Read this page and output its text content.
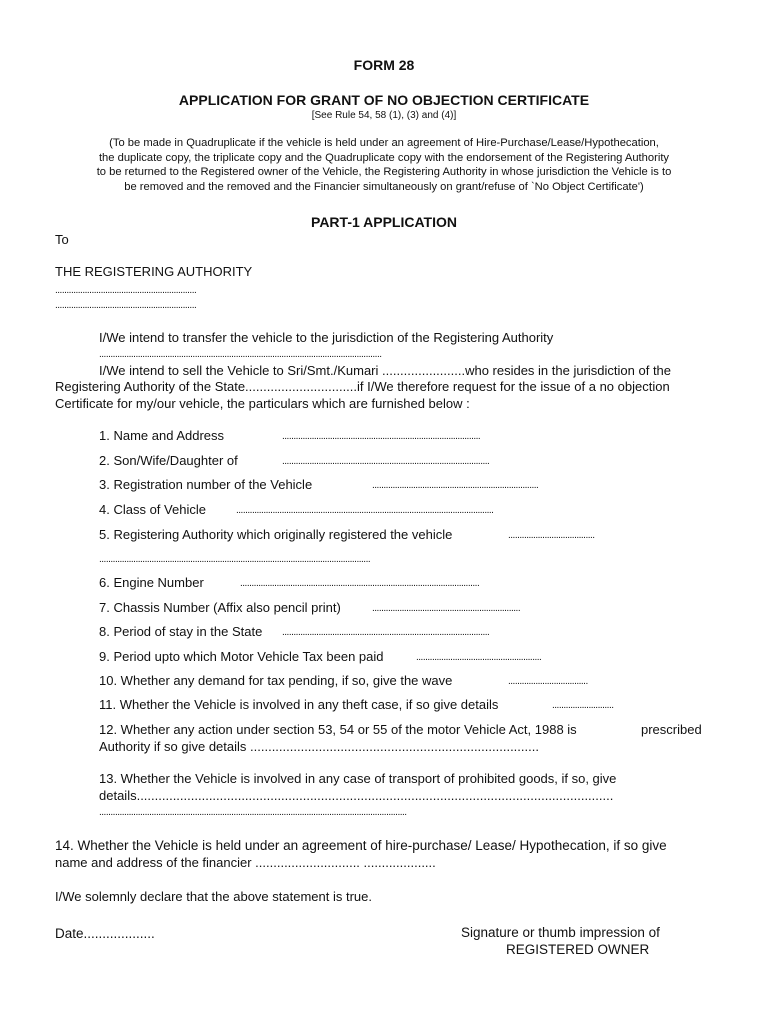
FORM 28
APPLICATION FOR GRANT OF NO OBJECTION CERTIFICATE
[See Rule 54, 58 (1), (3) and (4)]
(To be made in Quadruplicate if the vehicle is held under an agreement of Hire-Purchase/Lease/Hypothecation,
the duplicate copy, the triplicate copy and the Quadruplicate copy with the endorsement of the Registering Authority
to be returned to the Registered owner of the Vehicle, the Registering Authority in whose jurisdiction the Vehicle is to
be removed and the removed and the Financier simultaneously on grant/refuse of `No Object Certificate')
PART-1 APPLICATION
To
THE REGISTERING AUTHORITY
..............................................................
..............................................................
I/We intend to transfer the vehicle to the jurisdiction of the Registering Authority
............................................................................................................................
I/We intend to sell the Vehicle to Sri/Smt./Kumari .......................who resides in the jurisdiction of the
Registering Authority of the State...............................if I/We therefore request for the issue of a no objection
Certificate for my/our vehicle, the particulars which are furnished below :
1. Name and Address	.......................................................................................
2. Son/Wife/Daughter of	...........................................................................................
3. Registration number of the Vehicle	.........................................................................
4. Class of Vehicle	.................................................................................................................
5. Registering Authority which originally registered the vehicle	......................................
.......................................................................................................................
6. Engine Number	.........................................................................................................
7. Chassis Number (Affix also pencil print)	.................................................................
8. Period of stay in the State ...........................................................................................
9. Period upto which Motor Vehicle Tax been paid	.......................................................
10. Whether any demand for tax pending, if so, give the wave	...................................
11. Whether the Vehicle is involved in any theft case, if so give details	...........................
12. Whether any action under section 53, 54 or 55 of the motor Vehicle Act, 1988 is	prescribed
Authority if so give details ................................................................................
13. Whether the Vehicle is involved in any case of transport of prohibited goods, if so, give
details....................................................................................................................................
.......................................................................................................................................
14. Whether the Vehicle is held under an agreement of hire-purchase/ Lease/ Hypothecation, if so give
name and address of the financier ............................. ....................
I/We solemnly declare that the above statement is true.
Date...................	Signature or thumb impression of
REGISTERED OWNER
